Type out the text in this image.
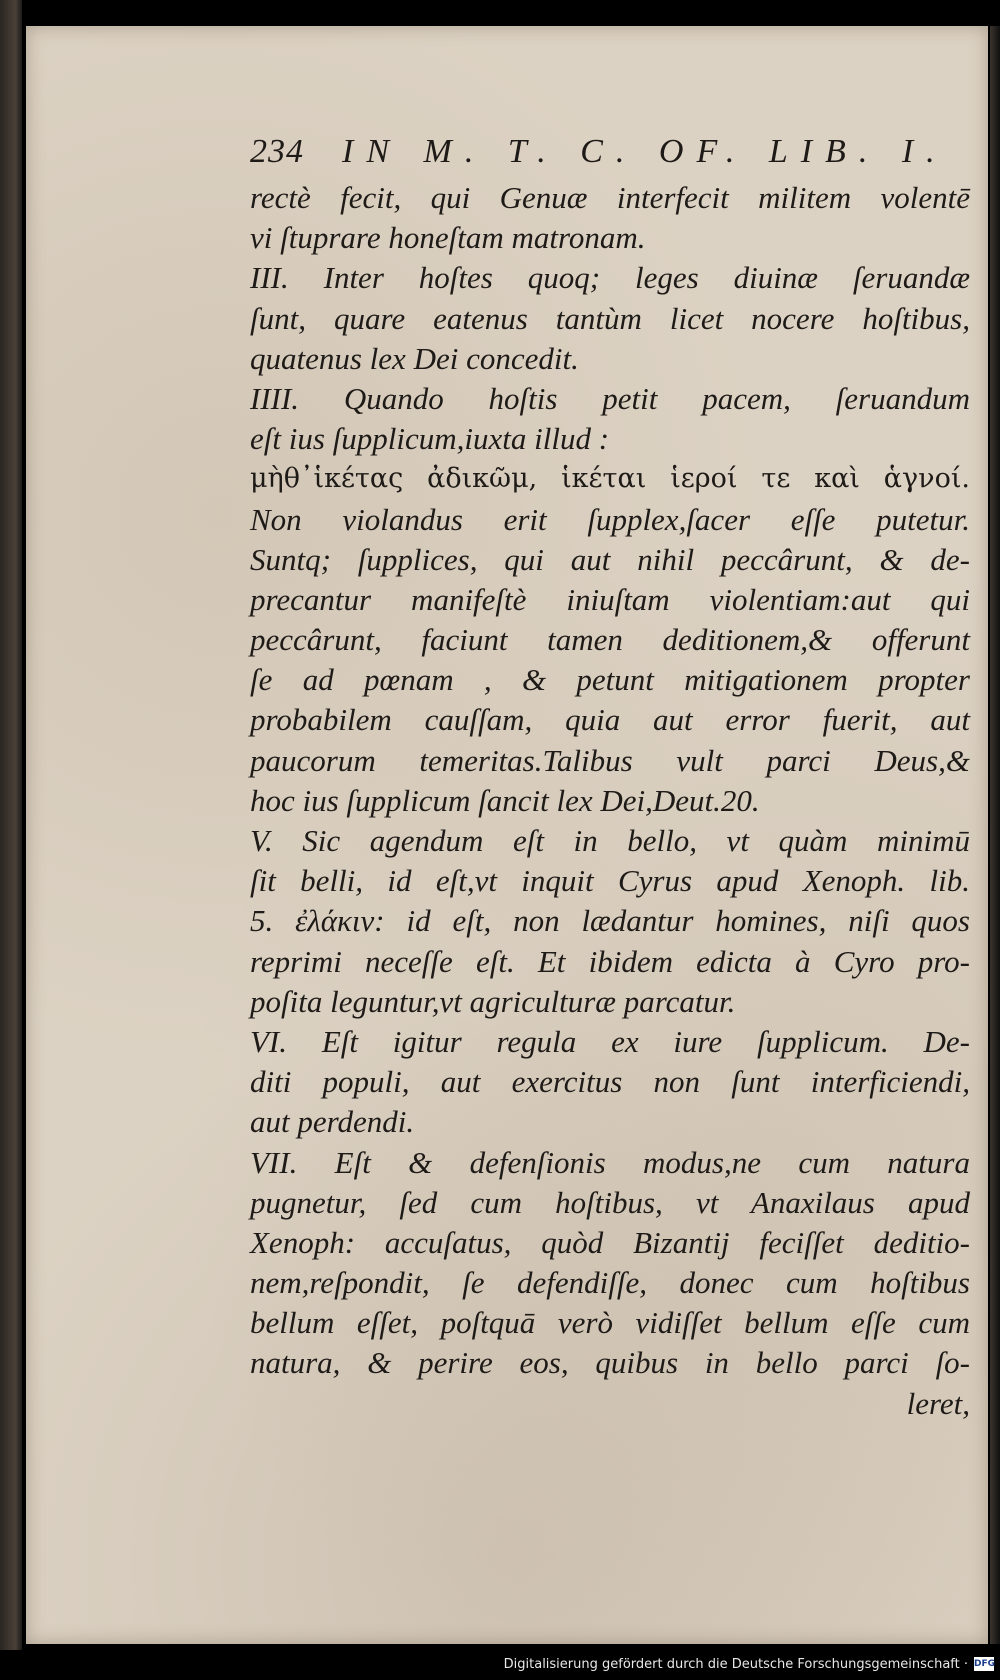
234	IN M. T. C. OF. LIB. I.
rectè fecit, qui Genuæ interfecit militem volentē
vi ſtuprare honeſtam matronam.
III. Inter hoſtes quoq; leges diuinæ ſeruandæ
ſunt, quare eatenus tantùm licet nocere hoſtibus,
quatenus lex Dei concedit.
IIII. Quando hoſtis petit pacem, ſeruandum
eſt ius ſupplicum,iuxta illud :
μὴθ᾽ἱκέτας ἀδικῶμ, ἱκέται ἱεροί τε καὶ ἁγνοί.
Non violandus erit ſupplex,ſacer eſſe putetur.
Suntq; ſupplices, qui aut nihil peccârunt, & de-
precantur manifeſtè iniuſtam violentiam:aut qui
peccârunt, faciunt tamen deditionem,& offerunt
ſe ad pœnam , & petunt mitigationem propter
probabilem cauſſam, quia aut error fuerit, aut
paucorum temeritas.Talibus vult parci Deus,&
hoc ius ſupplicum ſancit lex Dei,Deut.20.
V. Sic agendum eſt in bello, vt quàm minimū
ſit belli, id eſt,vt inquit Cyrus apud Xenoph. lib.
5. ἐλάκιν: id eſt, non lædantur homines, niſi quos
reprimi neceſſe eſt. Et ibidem edicta à Cyro pro-
poſita leguntur,vt agriculturæ parcatur.
VI. Eſt igitur regula ex iure ſupplicum. De-
diti populi, aut exercitus non ſunt interficiendi,
aut perdendi.
VII. Eſt & defenſionis modus,ne cum natura
pugnetur, ſed cum hoſtibus, vt Anaxilaus apud
Xenoph: accuſatus, quòd Bizantij feciſſet deditio-
nem,reſpondit, ſe defendiſſe, donec cum hoſtibus
bellum eſſet, poſtquā verò vidiſſet bellum eſſe cum
natura, & perire eos, quibus in bello parci ſo-
leret,
Digitalisierung gefördert durch die Deutsche Forschungsgemeinschaft · DFG
